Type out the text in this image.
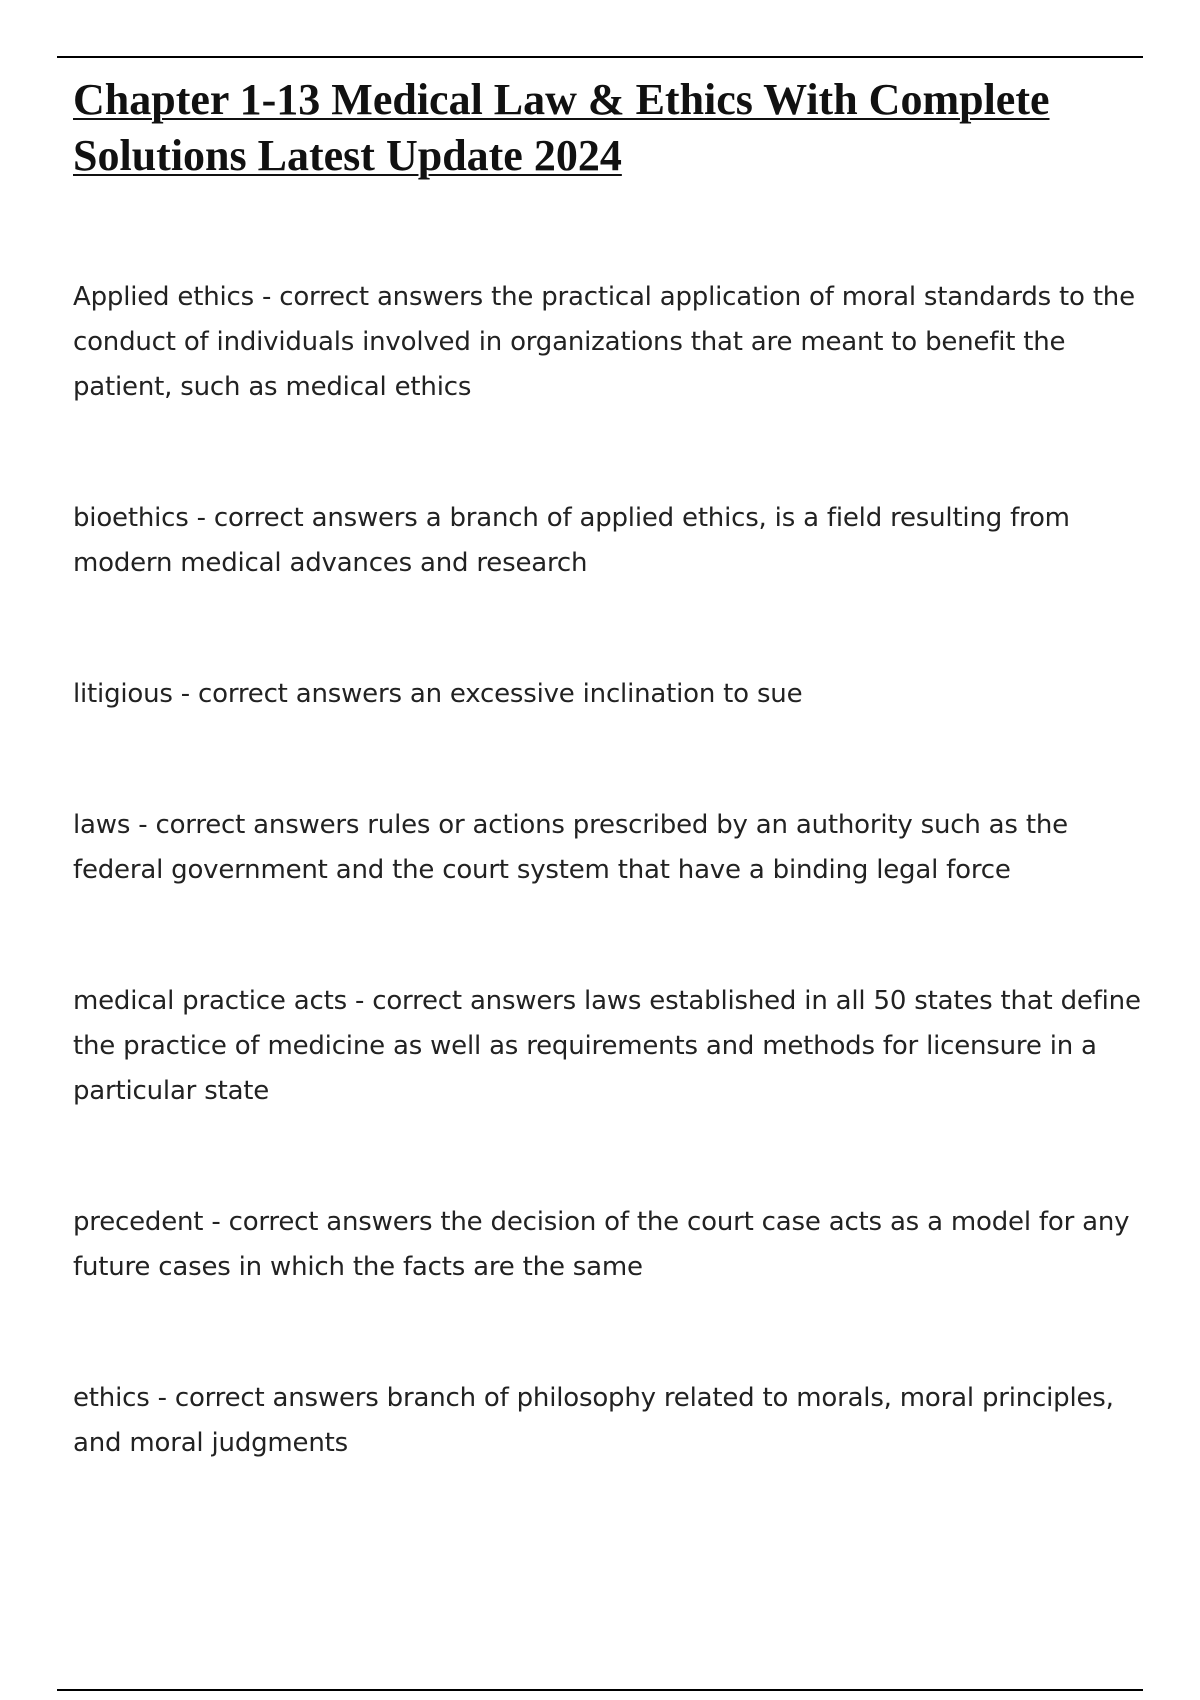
Chapter 1-13 Medical Law & Ethics With Complete
Solutions Latest Update 2024

Applied ethics - correct answers the practical application of moral standards to the
conduct of individuals involved in organizations that are meant to benefit the
patient, such as medical ethics

bioethics - correct answers a branch of applied ethics, is a field resulting from
modern medical advances and research

litigious - correct answers an excessive inclination to sue

laws - correct answers rules or actions prescribed by an authority such as the
federal government and the court system that have a binding legal force

medical practice acts - correct answers laws established in all 50 states that define
the practice of medicine as well as requirements and methods for licensure in a
particular state

precedent - correct answers the decision of the court case acts as a model for any
future cases in which the facts are the same

ethics - correct answers branch of philosophy related to morals, moral principles,
and moral judgments
